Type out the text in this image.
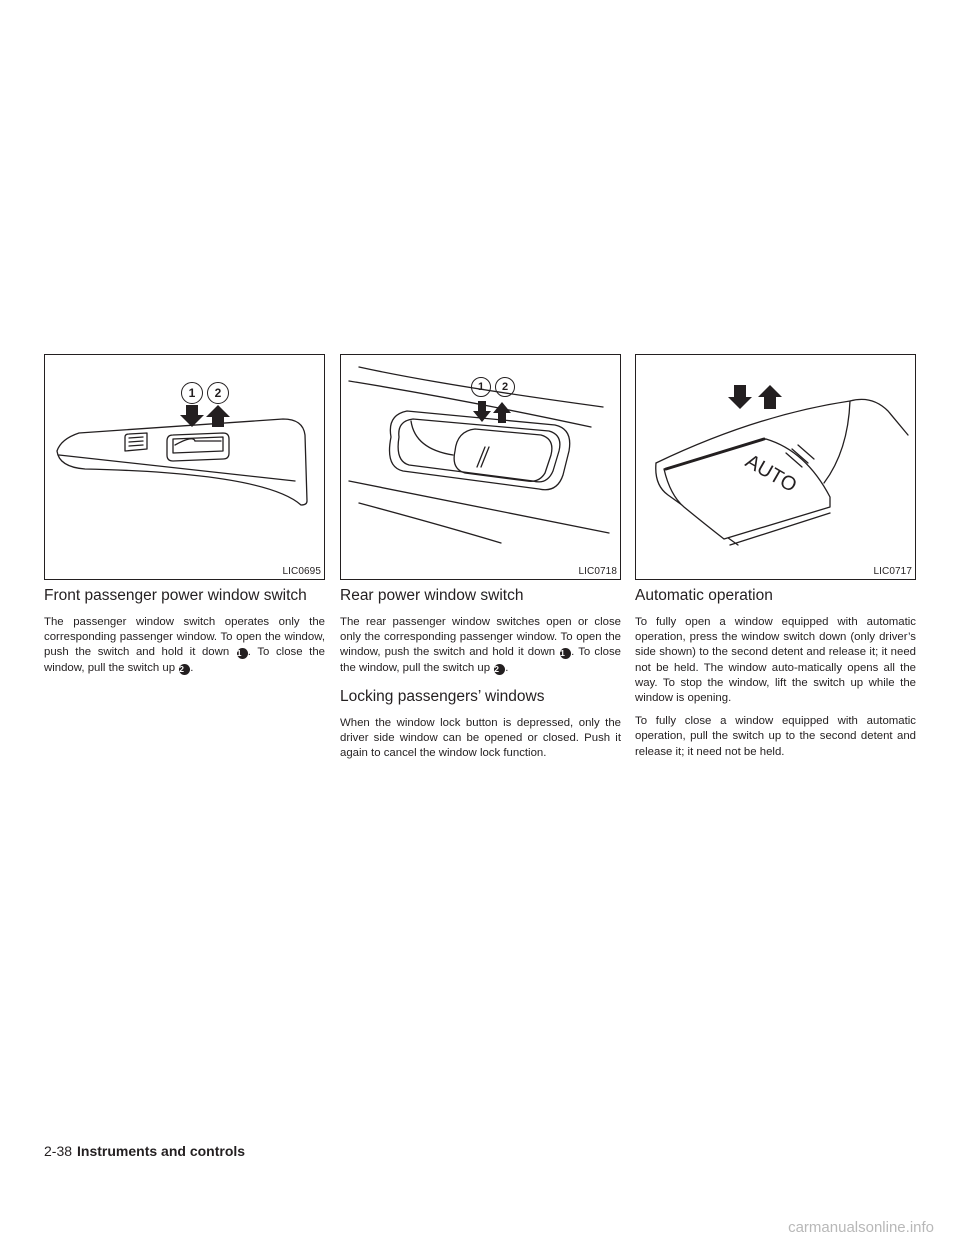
1	2
LIC0695
Front passenger power window switch

The passenger window switch operates only the corresponding passenger window. To open the window, push the switch and hold it down 1 . To close the window, pull the switch up 2 .

1	2
LIC0718
Rear power window switch

The rear passenger window switches open or close only the corresponding passenger window. To open the window, push the switch and hold it down 1 . To close the window, pull the switch up 2 .

Locking passengers’ windows

When the window lock button is depressed, only the driver side window can be opened or closed. Push it again to cancel the window lock function.

AUTO
LIC0717
Automatic operation

To fully open a window equipped with automatic operation, press the window switch down (only driver’s side shown) to the second detent and release it; it need not be held. The window auto-matically opens all the way. To stop the window, lift the switch up while the window is opening.

To fully close a window equipped with automatic operation, pull the switch up to the second detent and release it; it need not be held.

2-38 Instruments and controls
carmanualsonline.info
